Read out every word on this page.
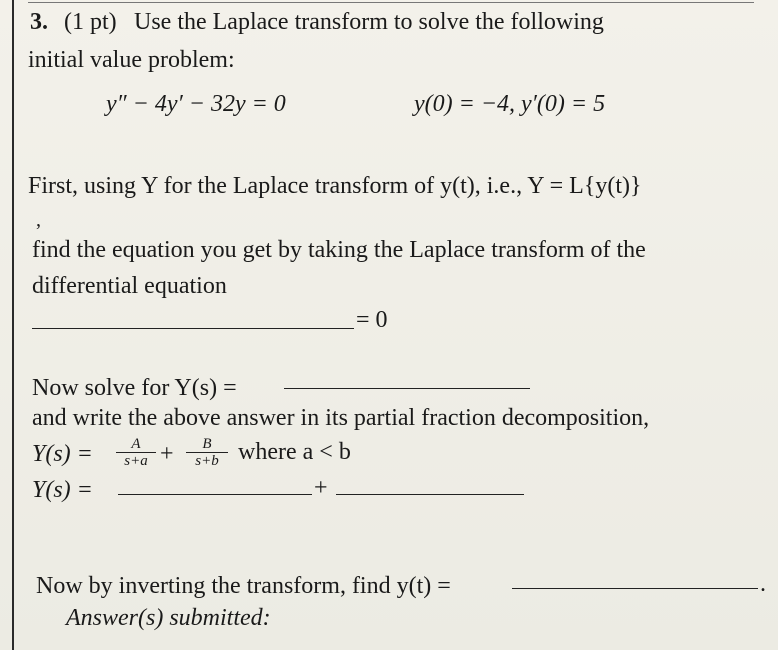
3. (1 pt) Use the Laplace transform to solve the following
initial value problem:
y″ − 4y′ − 32y = 0	y(0) = −4, y′(0) = 5
First, using Y for the Laplace transform of y(t), i.e., Y = L{y(t)}
,
find the equation you get by taking the Laplace transform of the
differential equation
= 0
Now solve for Y(s) =
and write the above answer in its partial fraction decomposition,
$Y(s) = \frac{A}{s+a} + \frac{B}{s+b}$ where a < b
Y(s) =	+
Now by inverting the transform, find y(t) =	.
Answer(s) submitted:
